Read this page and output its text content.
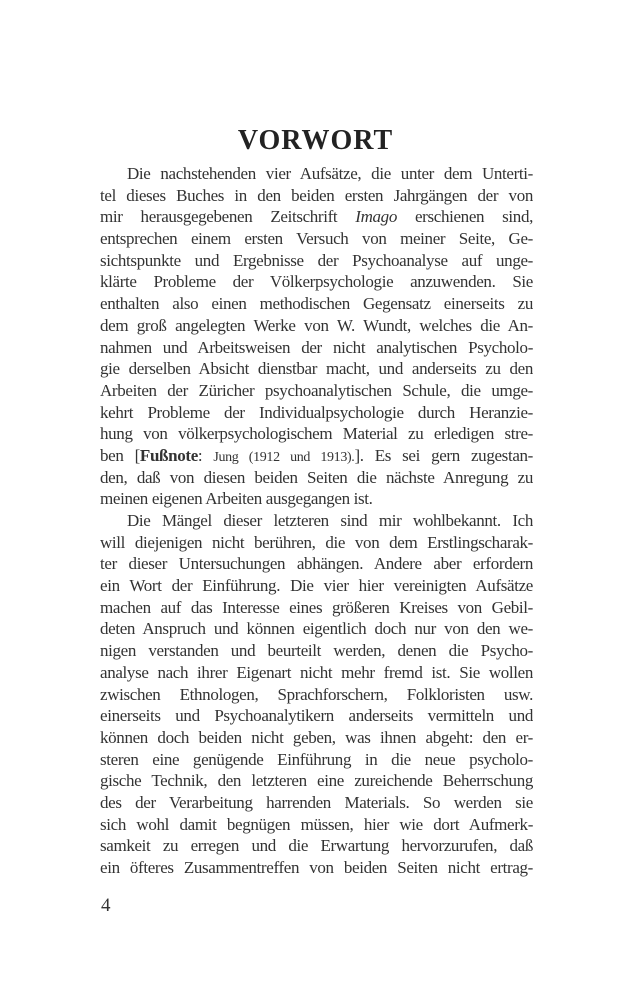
VORWORT
Die nachstehenden vier Aufsätze, die unter dem Unterti-
tel dieses Buches in den beiden ersten Jahrgängen der von
mir herausgegebenen Zeitschrift Imago erschienen sind,
entsprechen einem ersten Versuch von meiner Seite, Ge-
sichtspunkte und Ergebnisse der Psychoanalyse auf unge-
klärte Probleme der Völkerpsychologie anzuwenden. Sie
enthalten also einen methodischen Gegensatz einerseits zu
dem groß angelegten Werke von W. Wundt, welches die An-
nahmen und Arbeitsweisen der nicht analytischen Psycholo-
gie derselben Absicht dienstbar macht, und anderseits zu den
Arbeiten der Züricher psychoanalytischen Schule, die umge-
kehrt Probleme der Individualpsychologie durch Heranzie-
hung von völkerpsychologischem Material zu erledigen stre-
ben [Fußnote: Jung (1912 und 1913).]. Es sei gern zugestan-
den, daß von diesen beiden Seiten die nächste Anregung zu
meinen eigenen Arbeiten ausgegangen ist.
Die Mängel dieser letzteren sind mir wohlbekannt. Ich
will diejenigen nicht berühren, die von dem Erstlingscharak-
ter dieser Untersuchungen abhängen. Andere aber erfordern
ein Wort der Einführung. Die vier hier vereinigten Aufsätze
machen auf das Interesse eines größeren Kreises von Gebil-
deten Anspruch und können eigentlich doch nur von den we-
nigen verstanden und beurteilt werden, denen die Psycho-
analyse nach ihrer Eigenart nicht mehr fremd ist. Sie wollen
zwischen Ethnologen, Sprachforschern, Folkloristen usw.
einerseits und Psychoanalytikern anderseits vermitteln und
können doch beiden nicht geben, was ihnen abgeht: den er-
steren eine genügende Einführung in die neue psycholo-
gische Technik, den letzteren eine zureichende Beherrschung
des der Verarbeitung harrenden Materials. So werden sie
sich wohl damit begnügen müssen, hier wie dort Aufmerk-
samkeit zu erregen und die Erwartung hervorzurufen, daß
ein öfteres Zusammentreffen von beiden Seiten nicht ertrag-
4
